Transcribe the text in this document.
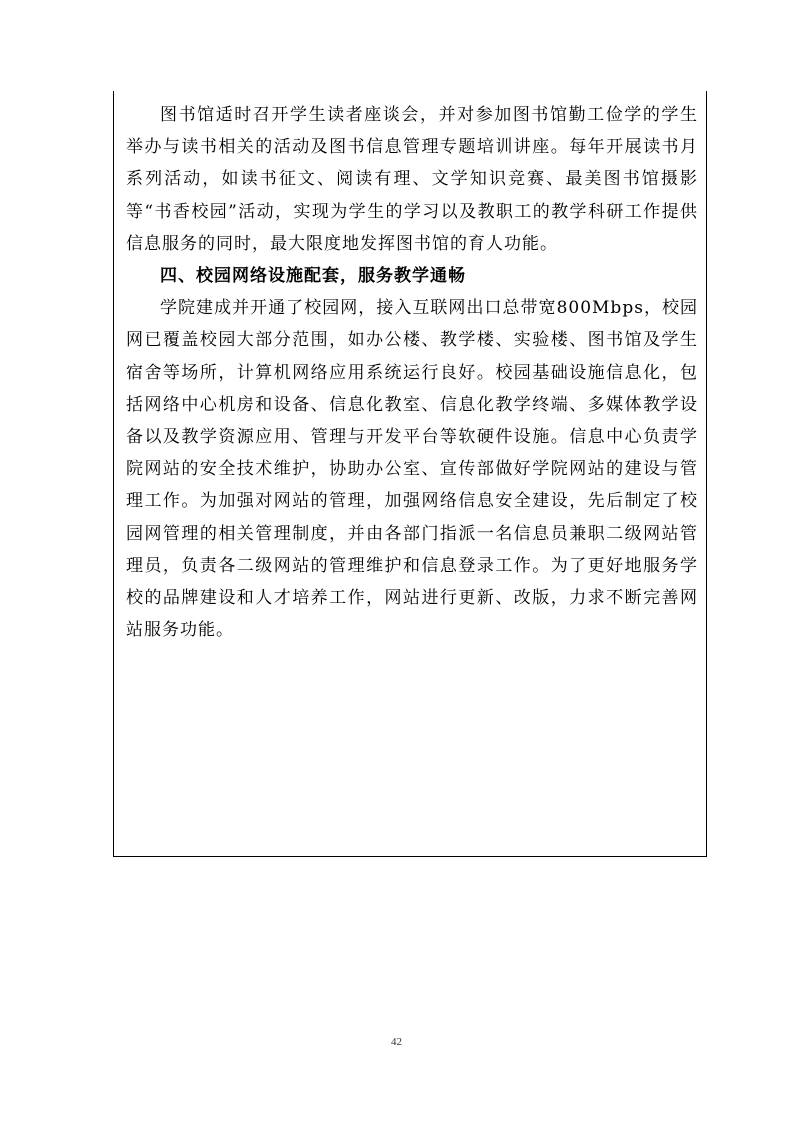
图书馆适时召开学生读者座谈会，并对参加图书馆勤工俭学的学生举办与读书相关的活动及图书信息管理专题培训讲座。每年开展读书月系列活动，如读书征文、阅读有理、文学知识竞赛、最美图书馆摄影等“书香校园”活动，实现为学生的学习以及教职工的教学科研工作提供信息服务的同时，最大限度地发挥图书馆的育人功能。

四、校园网络设施配套，服务教学通畅

学院建成并开通了校园网，接入互联网出口总带宽800Mbps，校园网已覆盖校园大部分范围，如办公楼、教学楼、实验楼、图书馆及学生宿舍等场所，计算机网络应用系统运行良好。校园基础设施信息化，包括网络中心机房和设备、信息化教室、信息化教学终端、多媒体教学设备以及教学资源应用、管理与开发平台等软硬件设施。信息中心负责学院网站的安全技术维护，协助办公室、宣传部做好学院网站的建设与管理工作。为加强对网站的管理，加强网络信息安全建设，先后制定了校园网管理的相关管理制度，并由各部门指派一名信息员兼职二级网站管理员，负责各二级网站的管理维护和信息登录工作。为了更好地服务学校的品牌建设和人才培养工作，网站进行更新、改版，力求不断完善网站服务功能。

42
